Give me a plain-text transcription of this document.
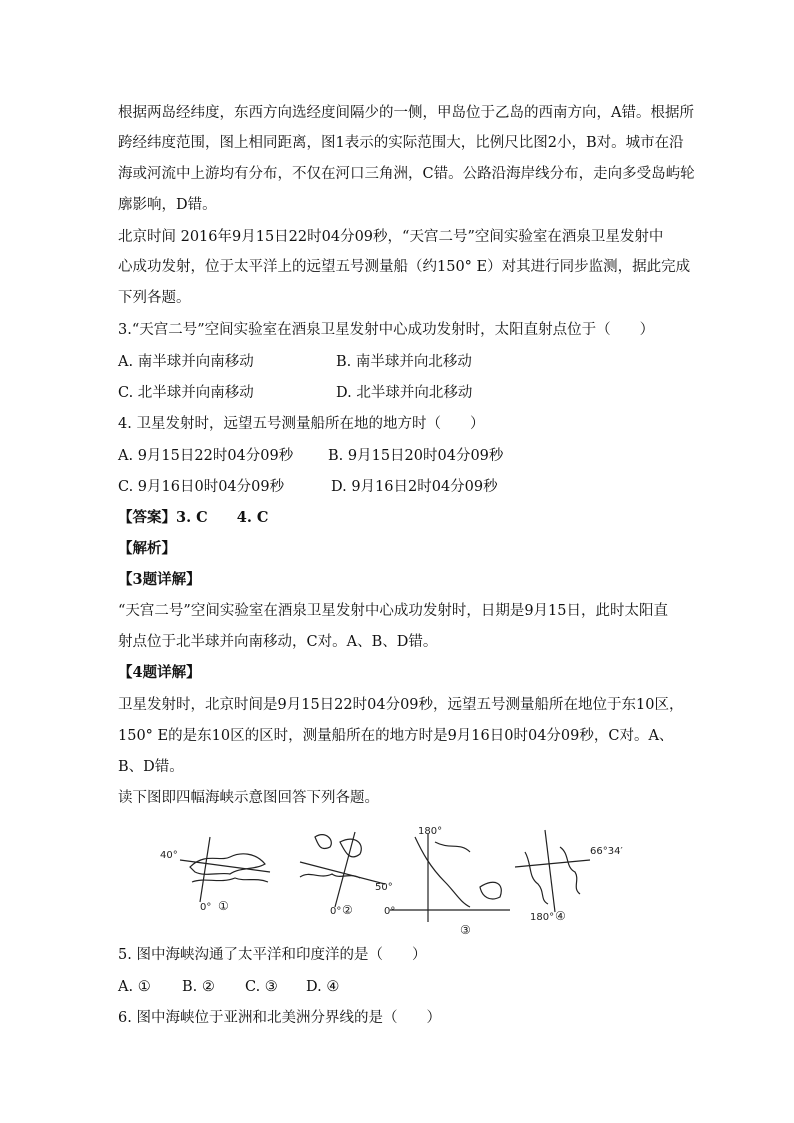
根据两岛经纬度，东西方向选经度间隔少的一侧，甲岛位于乙岛的西南方向，A错。根据所
跨经纬度范围，图上相同距离，图1表示的实际范围大，比例尺比图2小，B对。城市在沿
海或河流中上游均有分布，不仅在河口三角洲，C错。公路沿海岸线分布，走向多受岛屿轮
廓影响，D错。
北京时间 2016年9月15日22时04分09秒，“天宫二号”空间实验室在酒泉卫星发射中
心成功发射，位于太平洋上的远望五号测量船（约150° E）对其进行同步监测，据此完成
下列各题。
3.“天宫二号”空间实验室在酒泉卫星发射中心成功发射时，太阳直射点位于（　　）
A. 南半球并向南移动	B. 南半球并向北移动
C. 北半球并向南移动	D. 北半球并向北移动
4. 卫星发射时，远望五号测量船所在地的地方时（　　）
A. 9月15日22时04分09秒 B. 9月15日20时04分09秒
C. 9月16日0时04分09秒	D. 9月16日2时04分09秒
【答案】3. C　　4. C
【解析】
【3题详解】
“天宫二号”空间实验室在酒泉卫星发射中心成功发射时，日期是9月15日，此时太阳直
射点位于北半球并向南移动，C对。A、B、D错。
【4题详解】
卫星发射时，北京时间是9月15日22时04分09秒，远望五号测量船所在地位于东10区，
150° E的是东10区的区时，测量船所在的地方时是9月16日0时04分09秒，C对。A、
B、D错。
读下图即四幅海峡示意图回答下列各题。
40°
0° ①	0° ②
50°
0°
180°
③
66°34′
180° ④
5. 图中海峡沟通了太平洋和印度洋的是（　　）
A. ① B. ② C. ③ D. ④
6. 图中海峡位于亚洲和北美洲分界线的是（　　）
